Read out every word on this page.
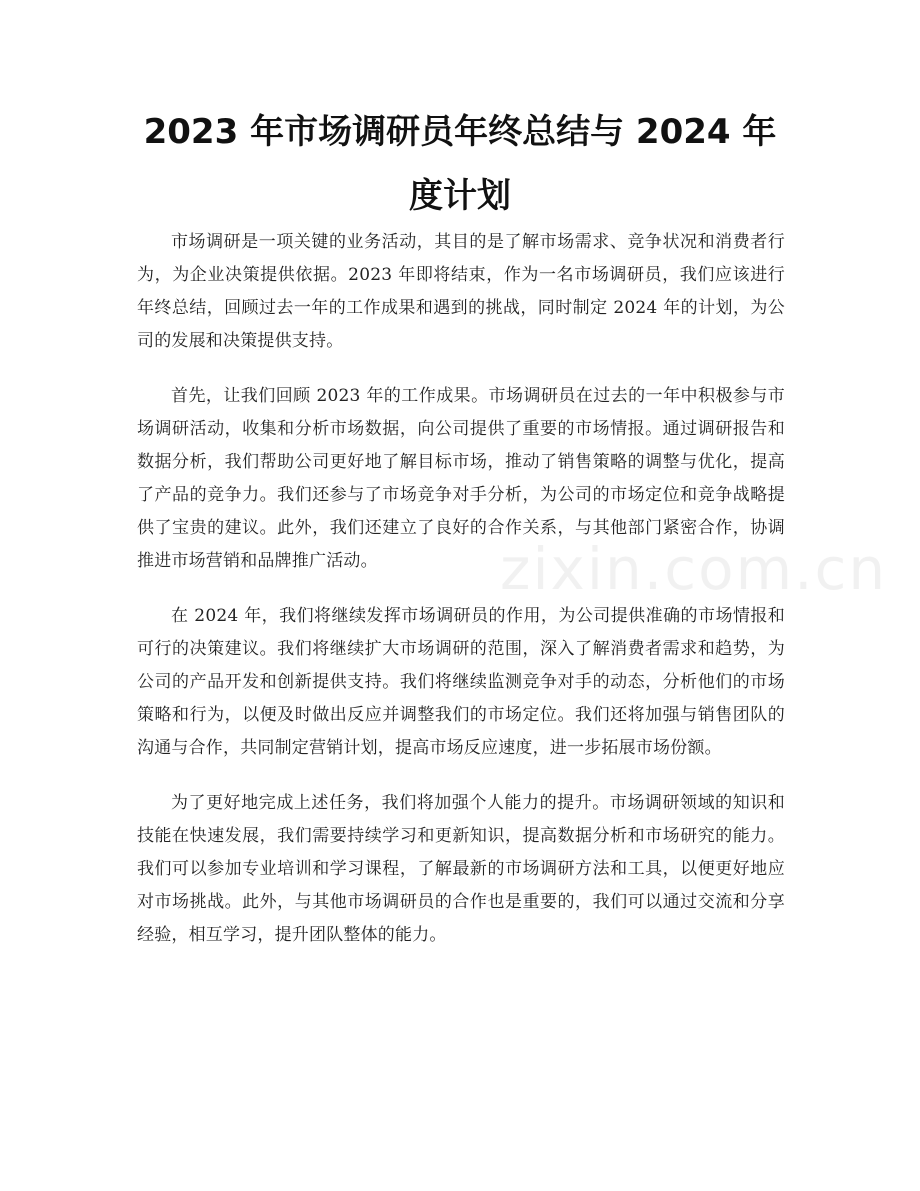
2023 年市场调研员年终总结与 2024 年度计划

市场调研是一项关键的业务活动，其目的是了解市场需求、竞争状况和消费者行为，为企业决策提供依据。2023 年即将结束，作为一名市场调研员，我们应该进行年终总结，回顾过去一年的工作成果和遇到的挑战，同时制定 2024 年的计划，为公司的发展和决策提供支持。

首先，让我们回顾 2023 年的工作成果。市场调研员在过去的一年中积极参与市场调研活动，收集和分析市场数据，向公司提供了重要的市场情报。通过调研报告和数据分析，我们帮助公司更好地了解目标市场，推动了销售策略的调整与优化，提高了产品的竞争力。我们还参与了市场竞争对手分析，为公司的市场定位和竞争战略提供了宝贵的建议。此外，我们还建立了良好的合作关系，与其他部门紧密合作，协调推进市场营销和品牌推广活动。

在 2024 年，我们将继续发挥市场调研员的作用，为公司提供准确的市场情报和可行的决策建议。我们将继续扩大市场调研的范围，深入了解消费者需求和趋势，为公司的产品开发和创新提供支持。我们将继续监测竞争对手的动态，分析他们的市场策略和行为，以便及时做出反应并调整我们的市场定位。我们还将加强与销售团队的沟通与合作，共同制定营销计划，提高市场反应速度，进一步拓展市场份额。

为了更好地完成上述任务，我们将加强个人能力的提升。市场调研领域的知识和技能在快速发展，我们需要持续学习和更新知识，提高数据分析和市场研究的能力。我们可以参加专业培训和学习课程，了解最新的市场调研方法和工具，以便更好地应对市场挑战。此外，与其他市场调研员的合作也是重要的，我们可以通过交流和分享经验，相互学习，提升团队整体的能力。

zixin.com.cn
